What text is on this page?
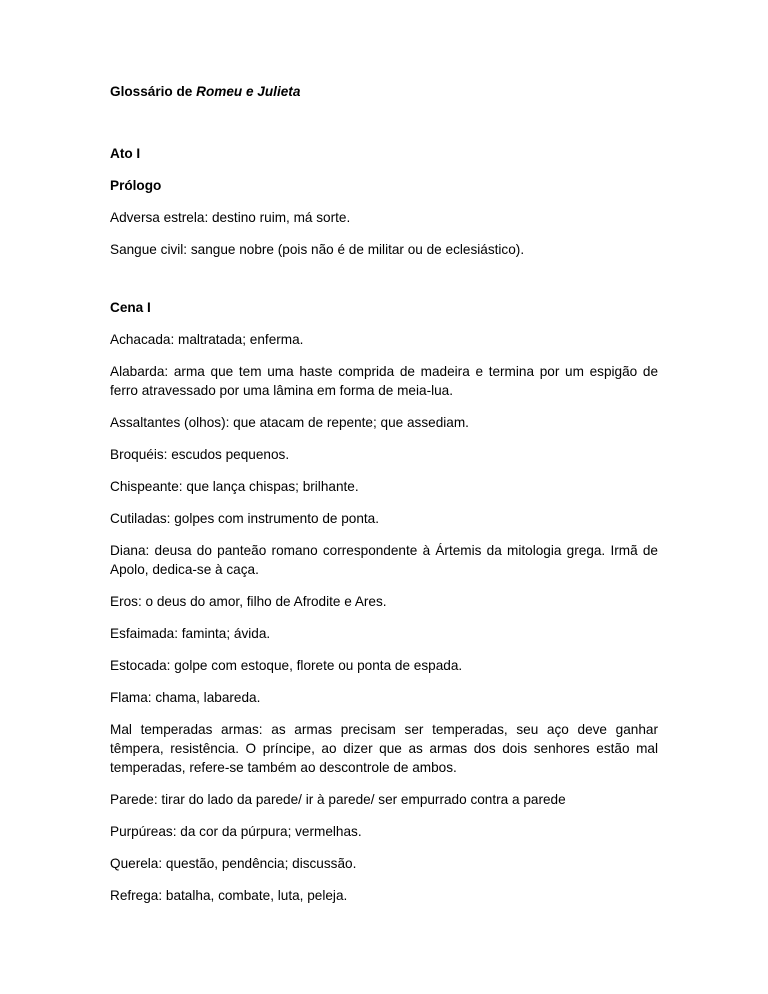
Glossário de Romeu e Julieta

Ato I

Prólogo

Adversa estrela: destino ruim, má sorte.

Sangue civil: sangue nobre (pois não é de militar ou de eclesiástico).

Cena I

Achacada: maltratada; enferma.

Alabarda: arma que tem uma haste comprida de madeira e termina por um espigão de ferro atravessado por uma lâmina em forma de meia-lua.

Assaltantes (olhos): que atacam de repente; que assediam.

Broquéis: escudos pequenos.

Chispeante: que lança chispas; brilhante.

Cutiladas: golpes com instrumento de ponta.

Diana: deusa do panteão romano correspondente à Ártemis da mitologia grega. Irmã de Apolo, dedica-se à caça.

Eros: o deus do amor, filho de Afrodite e Ares.

Esfaimada: faminta; ávida.

Estocada: golpe com estoque, florete ou ponta de espada.

Flama: chama, labareda.

Mal temperadas armas: as armas precisam ser temperadas, seu aço deve ganhar têmpera, resistência. O príncipe, ao dizer que as armas dos dois senhores estão mal temperadas, refere-se também ao descontrole de ambos.

Parede: tirar do lado da parede/ ir à parede/ ser empurrado contra a parede

Purpúreas: da cor da púrpura; vermelhas.

Querela: questão, pendência; discussão.

Refrega: batalha, combate, luta, peleja.
